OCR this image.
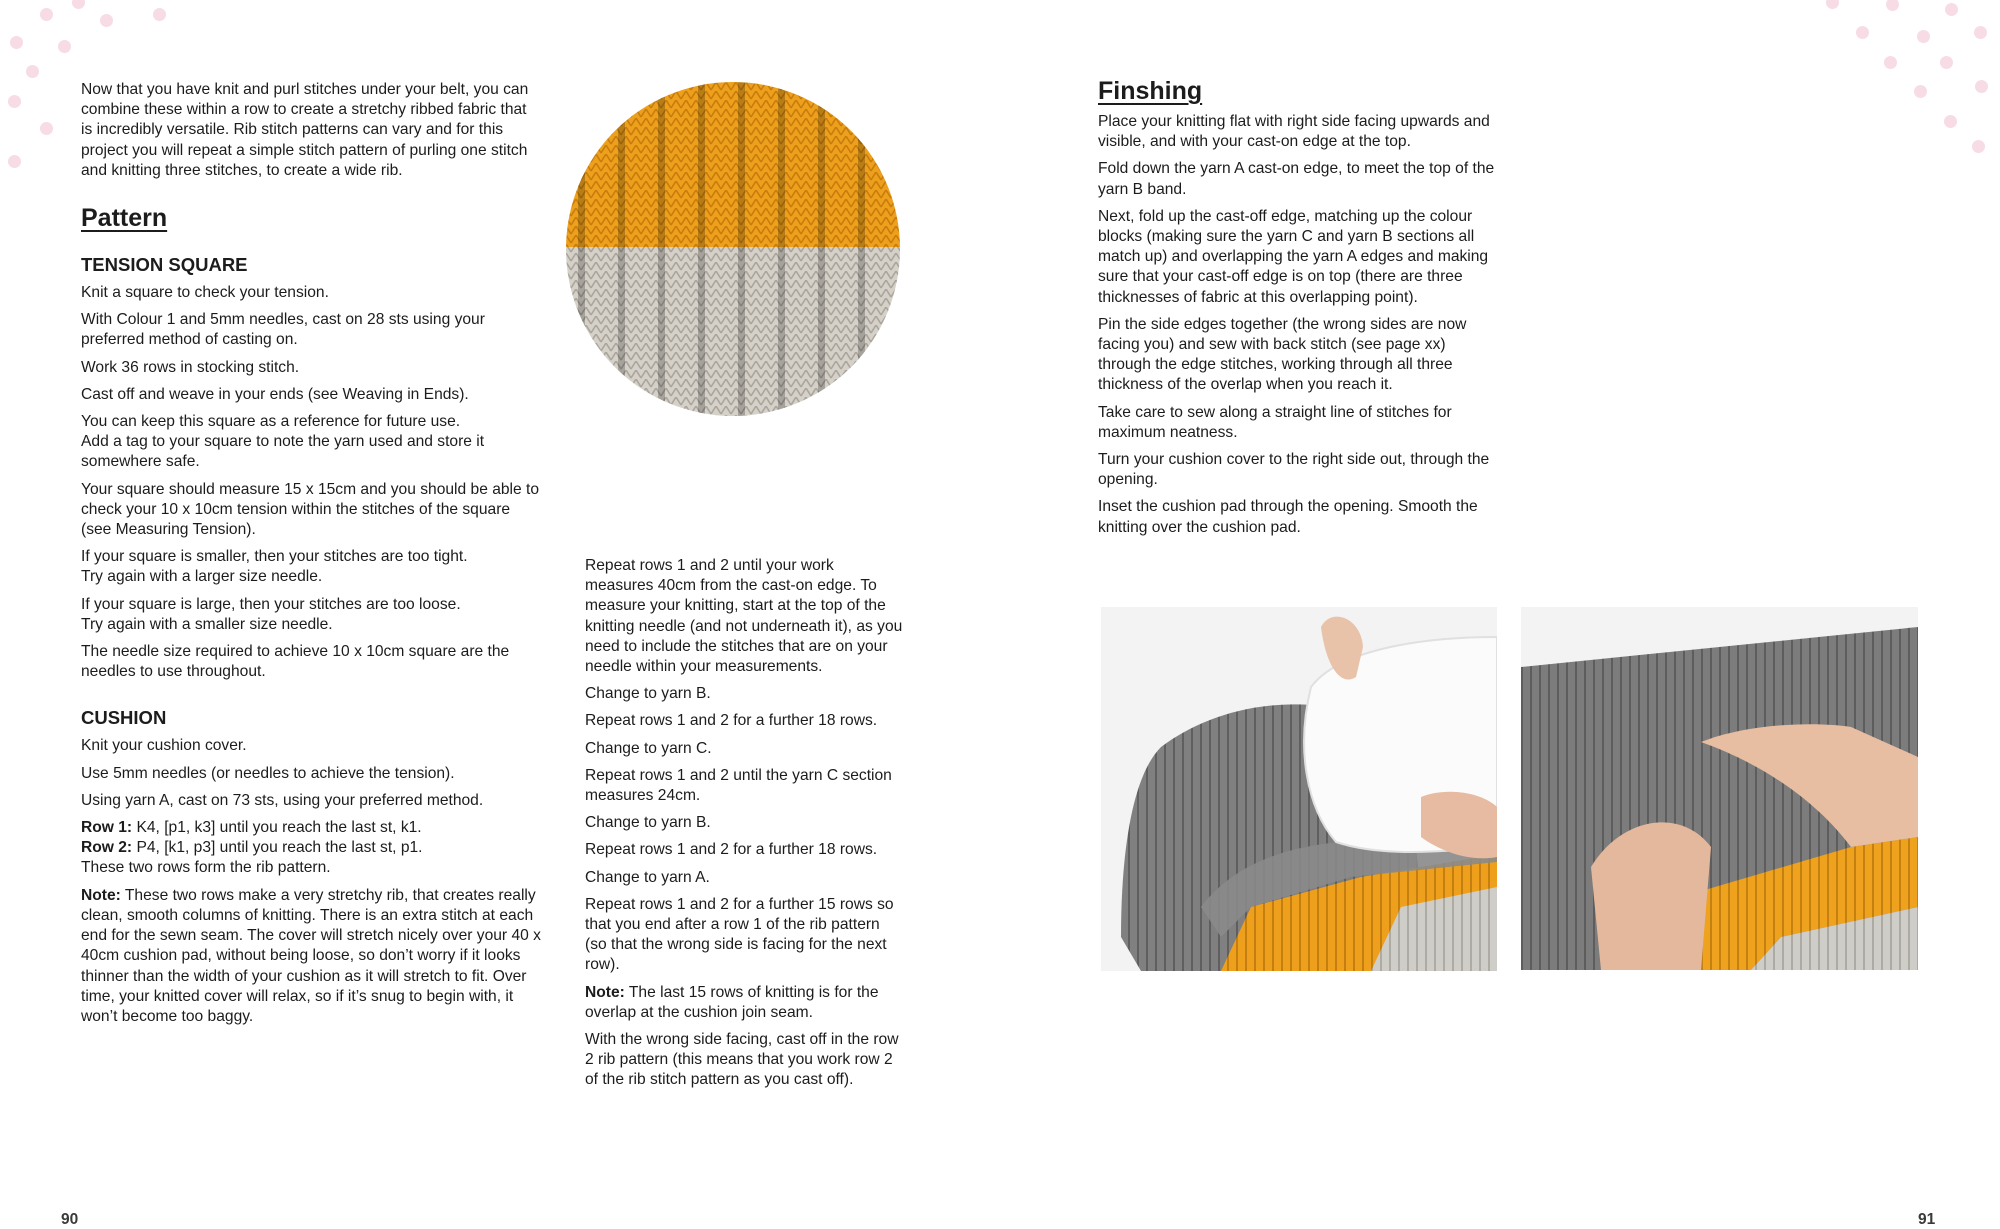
Now that you have knit and purl stitches under your belt, you can combine these within a row to create a stretchy ribbed fabric that is incredibly versatile. Rib stitch patterns can vary and for this project you will repeat a simple stitch pattern of purling one stitch and knitting three stitches, to create a wide rib.

Pattern
TENSION SQUARE

Knit a square to check your tension.

With Colour 1 and 5mm needles, cast on 28 sts using your preferred method of casting on.

Work 36 rows in stocking stitch.

Cast off and weave in your ends (see Weaving in Ends).

You can keep this square as a reference for future use.
Add a tag to your square to note the yarn used and store it somewhere safe.

Your square should measure 15 x 15cm and you should be able to check your 10 x 10cm tension within the stitches of the square (see Measuring Tension).

If your square is smaller, then your stitches are too tight.
Try again with a larger size needle.

If your square is large, then your stitches are too loose.
Try again with a smaller size needle.

The needle size required to achieve 10 x 10cm square are the needles to use throughout.

CUSHION

Knit your cushion cover.

Use 5mm needles (or needles to achieve the tension).

Using yarn A, cast on 73 sts, using your preferred method.

Row 1: K4, [p1, k3] until you reach the last st, k1.
Row 2: P4, [k1, p3] until you reach the last st, p1.
These two rows form the rib pattern.

Note: These two rows make a very stretchy rib, that creates really clean, smooth columns of knitting. There is an extra stitch at each end for the sewn seam. The cover will stretch nicely over your 40 x 40cm cushion pad, without being loose, so don’t worry if it looks thinner than the width of your cushion as it will stretch to fit. Over time, your knitted cover will relax, so if it’s snug to begin with, it won’t become too baggy.

Repeat rows 1 and 2 until your work measures 40cm from the cast-on edge. To measure your knitting, start at the top of the knitting needle (and not underneath it), as you need to include the stitches that are on your needle within your measurements.

Change to yarn B.

Repeat rows 1 and 2 for a further 18 rows.

Change to yarn C.

Repeat rows 1 and 2 until the yarn C section measures 24cm.

Change to yarn B.

Repeat rows 1 and 2 for a further 18 rows.

Change to yarn A.

Repeat rows 1 and 2 for a further 15 rows so that you end after a row 1 of the rib pattern (so that the wrong side is facing for the next row).

Note: The last 15 rows of knitting is for the overlap at the cushion join seam.

With the wrong side facing, cast off in the row 2 rib pattern (this means that you work row 2 of the rib stitch pattern as you cast off).

Finshing

Place your knitting flat with right side facing upwards and visible, and with your cast-on edge at the top.

Fold down the yarn A cast-on edge, to meet the top of the yarn B band.

Next, fold up the cast-off edge, matching up the colour blocks (making sure the yarn C and yarn B sections all match up) and overlapping the yarn A edges and making sure that your cast-off edge is on top (there are three thicknesses of fabric at this overlapping point).

Pin the side edges together (the wrong sides are now facing you) and sew with back stitch (see page xx) through the edge stitches, working through all three thickness of the overlap when you reach it.

Take care to sew along a straight line of stitches for maximum neatness.

Turn your cushion cover to the right side out, through the opening.

Inset the cushion pad through the opening. Smooth the knitting over the cushion pad.

90	91
